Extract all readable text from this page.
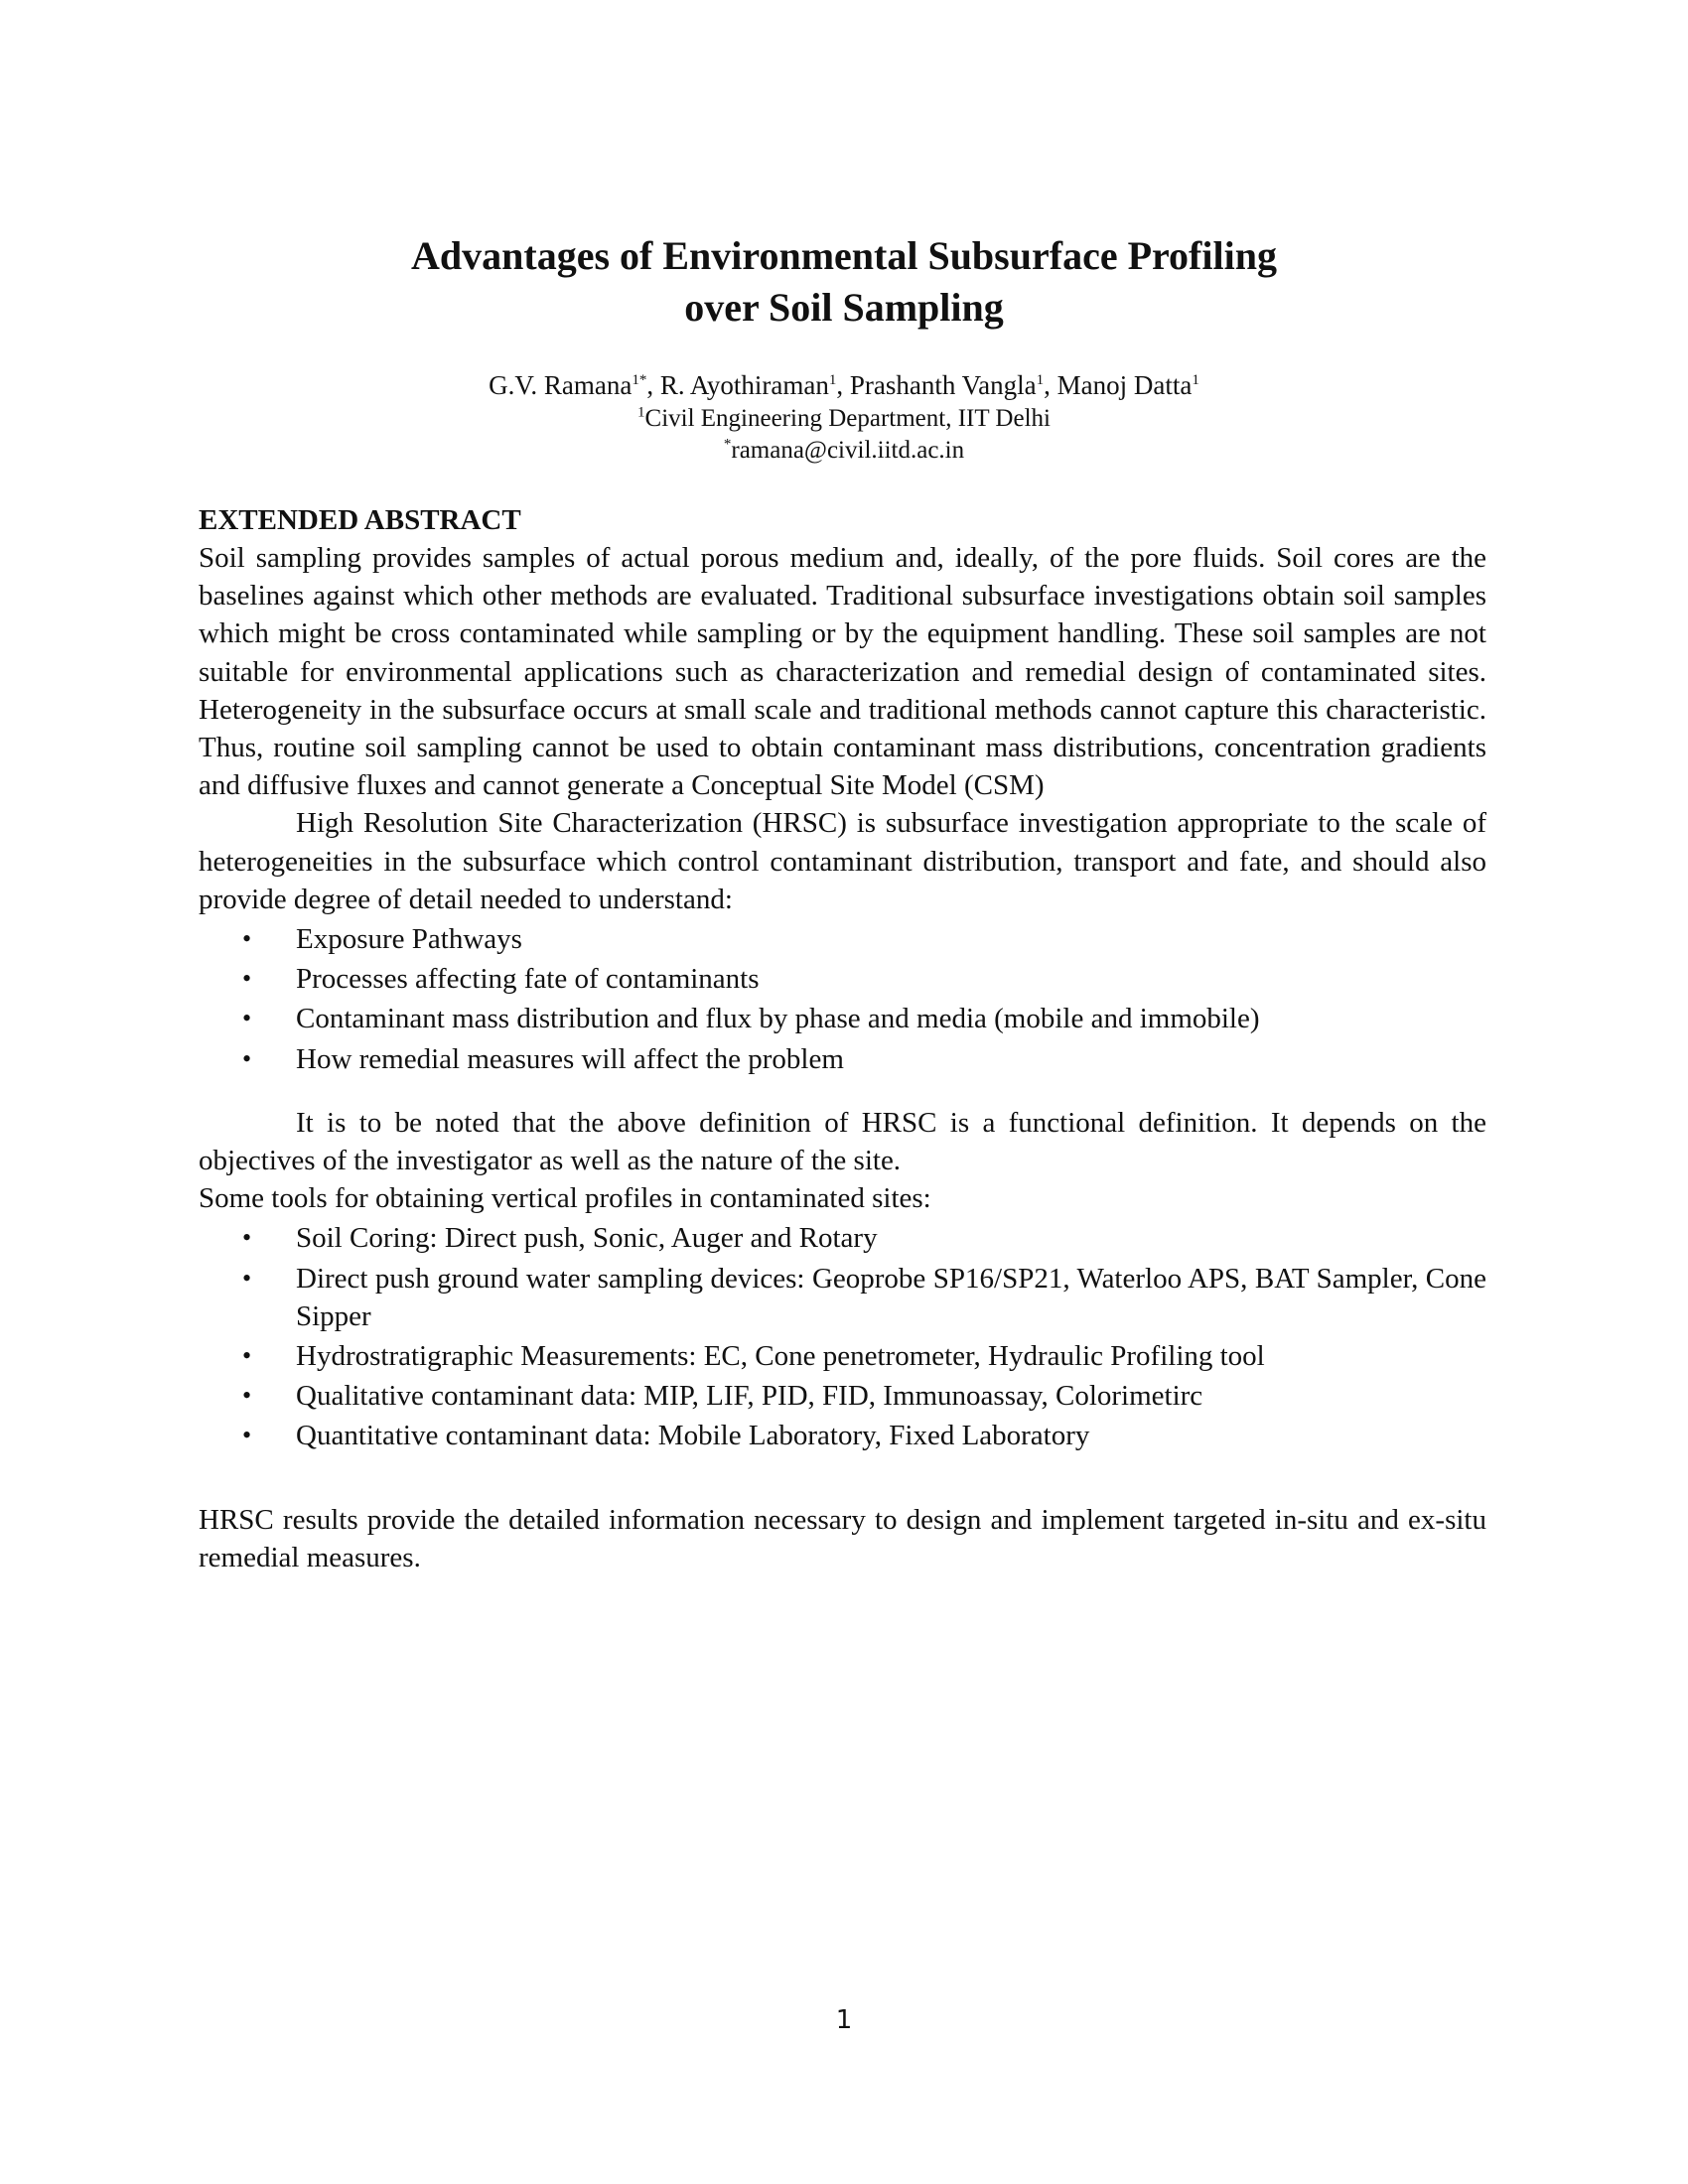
Advantages of Environmental Subsurface Profiling

over Soil Sampling

G.V. Ramana$^{1*}$, R. Ayothiraman$^1$, Prashanth Vangla$^1$, Manoj Datta$^1$
$^1$Civil Engineering Department, IIT Delhi
*ramana@civil.iitd.ac.in

EXTENDED ABSTRACT

Soil sampling provides samples of actual porous medium and, ideally, of the pore fluids. Soil cores are the baselines against which other methods are evaluated. Traditional subsurface investigations obtain soil samples which might be cross contaminated while sampling or by the equipment handling. These soil samples are not suitable for environmental applications such as characterization and remedial design of contaminated sites. Heterogeneity in the subsurface occurs at small scale and traditional methods cannot capture this characteristic. Thus, routine soil sampling cannot be used to obtain contaminant mass distributions, concentration gradients and diffusive fluxes and cannot generate a Conceptual Site Model (CSM)

High Resolution Site Characterization (HRSC) is subsurface investigation appropriate to the scale of heterogeneities in the subsurface which control contaminant distribution, transport and fate, and should also provide degree of detail needed to understand:

• Exposure Pathways
• Processes affecting fate of contaminants
• Contaminant mass distribution and flux by phase and media (mobile and immobile)
• How remedial measures will affect the problem

It is to be noted that the above definition of HRSC is a functional definition. It depends on the objectives of the investigator as well as the nature of the site.

Some tools for obtaining vertical profiles in contaminated sites:

• Soil Coring: Direct push, Sonic, Auger and Rotary
• Direct push ground water sampling devices: Geoprobe SP16/SP21, Waterloo APS, BAT Sampler, Cone Sipper
• Hydrostratigraphic Measurements: EC, Cone penetrometer, Hydraulic Profiling tool
• Qualitative contaminant data: MIP, LIF, PID, FID, Immunoassay, Colorimetirc
• Quantitative contaminant data: Mobile Laboratory, Fixed Laboratory

HRSC results provide the detailed information necessary to design and implement targeted in-situ and ex-situ remedial measures.

1
